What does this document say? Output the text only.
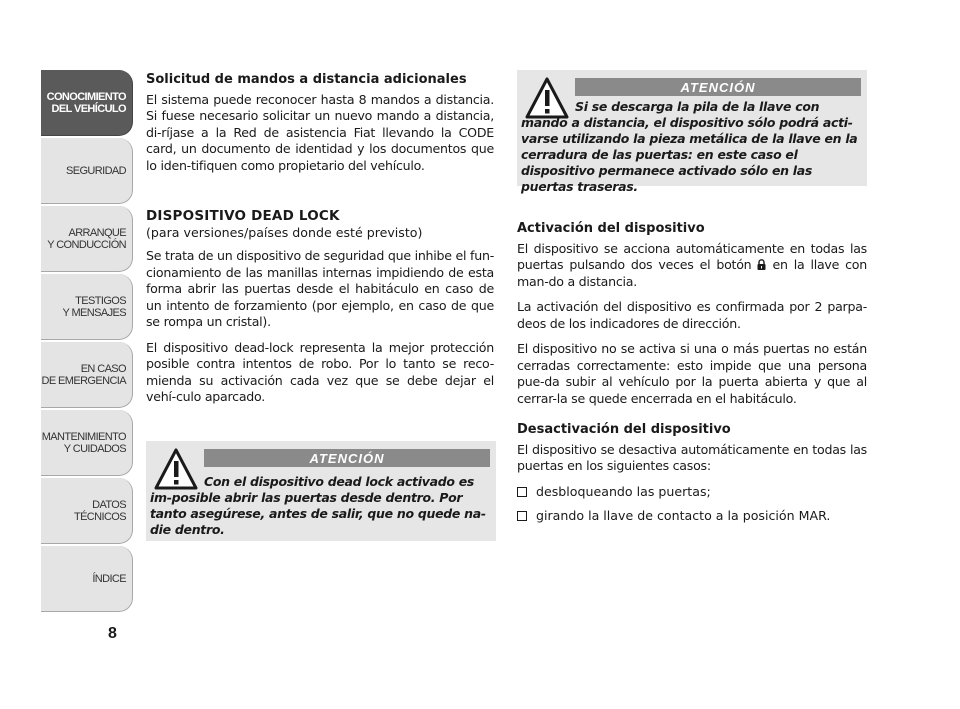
CONOCIMIENTO
DEL VEHÍCULO
SEGURIDAD
ARRANQUE
Y CONDUCCIÓN
TESTIGOS
Y MENSAJES
EN CASO
DE EMERGENCIA
MANTENIMIENTO
Y CUIDADOS
DATOS TÉCNICOS
ÍNDICE
8
Solicitud de mandos a distancia adicionales

El sistema puede reconocer hasta 8 mandos a distancia. Si fuese necesario solicitar un nuevo mando a distancia, di-ríjase a la Red de asistencia Fiat llevando la CODE card, un documento de identidad y los documentos que lo iden-tifiquen como propietario del vehículo.

DISPOSITIVO DEAD LOCK
(para versiones/países donde esté previsto)

Se trata de un dispositivo de seguridad que inhibe el fun-cionamiento de las manillas internas impidiendo de esta forma abrir las puertas desde el habitáculo en caso de un intento de forzamiento (por ejemplo, en caso de que se rompa un cristal).

El dispositivo dead-lock representa la mejor protección posible contra intentos de robo. Por lo tanto se reco-mienda su activación cada vez que se debe dejar el vehí-culo aparcado.

ATENCIÓN
Con el dispositivo dead lock activado es im-posible abrir las puertas desde dentro. Por tanto asegúrese, antes de salir, que no quede na-die dentro.
ATENCIÓN
Si se descarga la pila de la llave con mando a distancia, el dispositivo sólo podrá acti-varse utilizando la pieza metálica de la llave en la cerradura de las puertas: en este caso el dispositivo permanece activado sólo en las puertas traseras.
Activación del dispositivo

El dispositivo se acciona automáticamente en todas las puertas pulsando dos veces el botón en la llave con man-do a distancia.

La activación del dispositivo es confirmada por 2 parpa-deos de los indicadores de dirección.

El dispositivo no se activa si una o más puertas no están cerradas correctamente: esto impide que una persona pue-da subir al vehículo por la puerta abierta y que al cerrar-la se quede encerrada en el habitáculo.

Desactivación del dispositivo

El dispositivo se desactiva automáticamente en todas las puertas en los siguientes casos:

desbloqueando las puertas;
girando la llave de contacto a la posición MAR.
